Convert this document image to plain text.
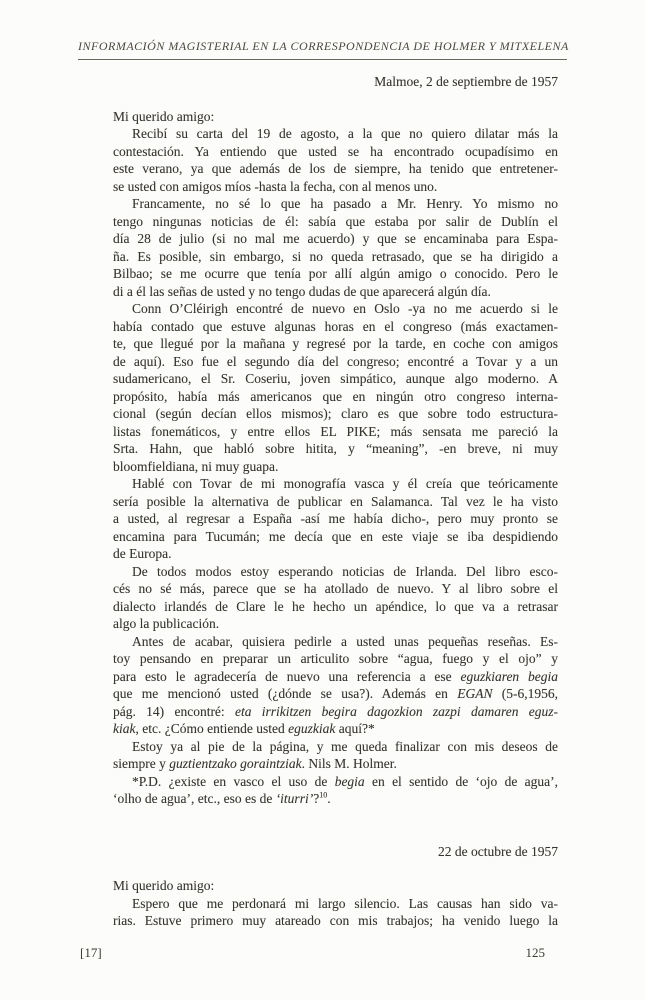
INFORMACIÓN MAGISTERIAL EN LA CORRESPONDENCIA DE HOLMER Y MITXELENA
Malmoe, 2 de septiembre de 1957
Mi querido amigo:
Recibí su carta del 19 de agosto, a la que no quiero dilatar más la
contestación. Ya entiendo que usted se ha encontrado ocupadísimo en
este verano, ya que además de los de siempre, ha tenido que entretener-
se usted con amigos míos -hasta la fecha, con al menos uno.
Francamente, no sé lo que ha pasado a Mr. Henry. Yo mismo no
tengo ningunas noticias de él: sabía que estaba por salir de Dublín el
día 28 de julio (si no mal me acuerdo) y que se encaminaba para Espa-
ña. Es posible, sin embargo, si no queda retrasado, que se ha dirigido a
Bilbao; se me ocurre que tenía por allí algún amigo o conocido. Pero le
di a él las señas de usted y no tengo dudas de que aparecerá algún día.
Conn O’Cléirigh encontré de nuevo en Oslo -ya no me acuerdo si le
había contado que estuve algunas horas en el congreso (más exactamen-
te, que llegué por la mañana y regresé por la tarde, en coche con amigos
de aquí). Eso fue el segundo día del congreso; encontré a Tovar y a un
sudamericano, el Sr. Coseriu, joven simpático, aunque algo moderno. A
propósito, había más americanos que en ningún otro congreso interna-
cional (según decían ellos mismos); claro es que sobre todo estructura-
listas fonemáticos, y entre ellos EL PIKE; más sensata me pareció la
Srta. Hahn, que habló sobre hitita, y “meaning”, -en breve, ni muy
bloomfieldiana, ni muy guapa.
Hablé con Tovar de mi monografía vasca y él creía que teóricamente
sería posible la alternativa de publicar en Salamanca. Tal vez le ha visto
a usted, al regresar a España -así me había dicho-, pero muy pronto se
encamina para Tucumán; me decía que en este viaje se iba despidiendo
de Europa.
De todos modos estoy esperando noticias de Irlanda. Del libro esco-
cés no sé más, parece que se ha atollado de nuevo. Y al libro sobre el
dialecto irlandés de Clare le he hecho un apéndice, lo que va a retrasar
algo la publicación.
Antes de acabar, quisiera pedirle a usted unas pequeñas reseñas. Es-
toy pensando en preparar un articulito sobre “agua, fuego y el ojo” y
para esto le agradecería de nuevo una referencia a ese eguzkiaren begia
que me mencionó usted (¿dónde se usa?). Además en EGAN (5-6,1956,
pág. 14) encontré: eta irrikitzen begira dagozkion zazpi damaren eguz-
kiak, etc. ¿Cómo entiende usted eguzkiak aquí?*
Estoy ya al pie de la página, y me queda finalizar con mis deseos de
siempre y guztientzako goraintziak. Nils M. Holmer.
*P.D. ¿existe en vasco el uso de begia en el sentido de ‘ojo de agua’,
‘olho de agua’, etc., eso es de ‘iturri’?$^{10}$.
22 de octubre de 1957
Mi querido amigo:
Espero que me perdonará mi largo silencio. Las causas han sido va-
rias. Estuve primero muy atareado con mis trabajos; ha venido luego la
[17]	125
